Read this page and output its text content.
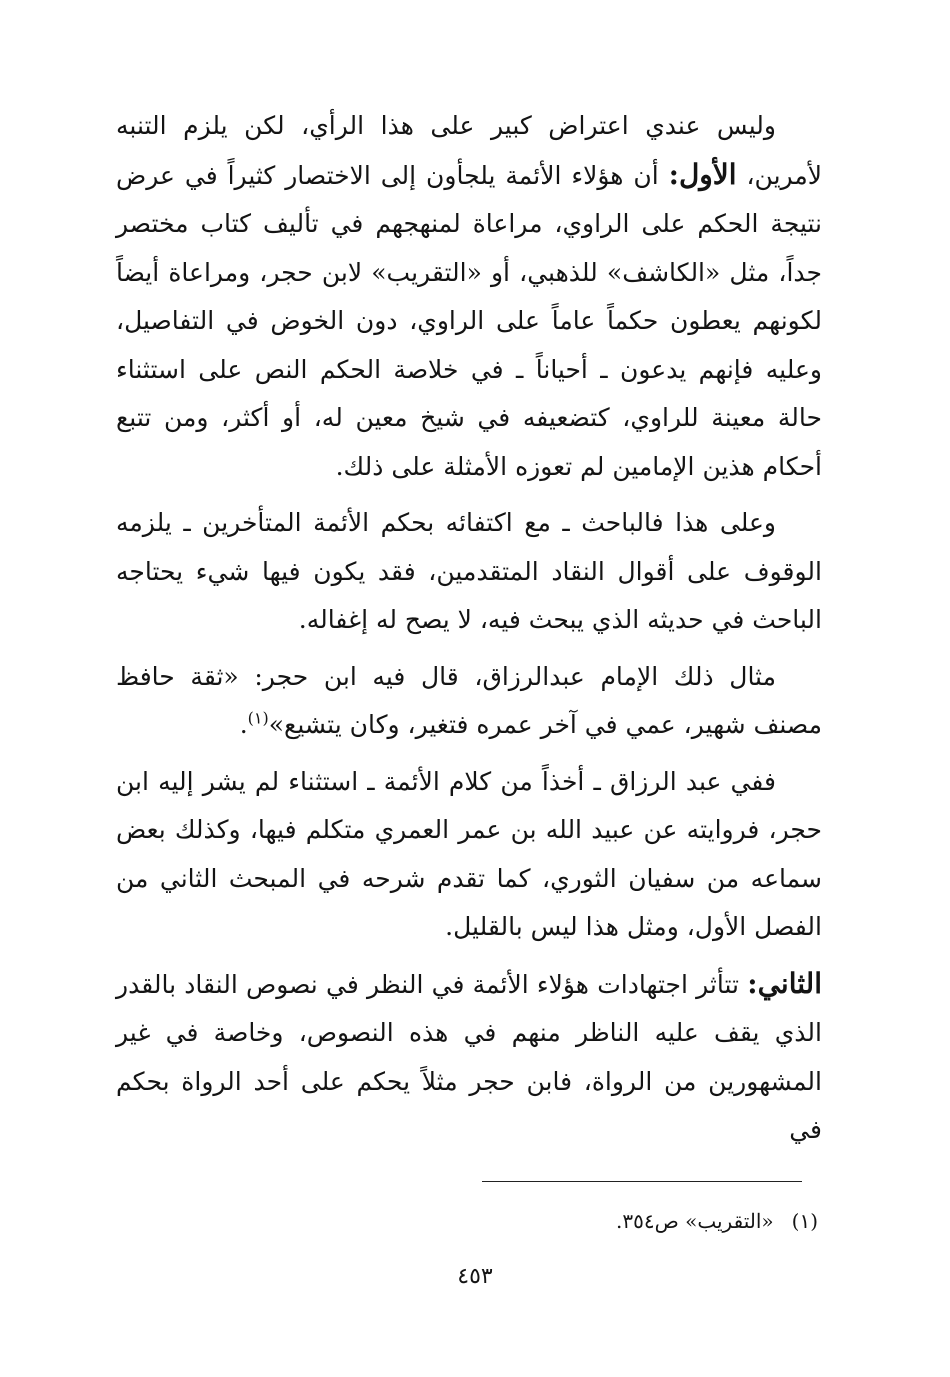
وليس عندي اعتراض كبير على هذا الرأي، لكن يلزم التنبه لأمرين، الأول: أن هؤلاء الأئمة يلجأون إلى الاختصار كثيراً في عرض نتيجة الحكم على الراوي، مراعاة لمنهجهم في تأليف كتاب مختصر جداً، مثل «الكاشف» للذهبي، أو «التقريب» لابن حجر، ومراعاة أيضاً لكونهم يعطون حكماً عاماً على الراوي، دون الخوض في التفاصيل، وعليه فإنهم يدعون ـ أحياناً ـ في خلاصة الحكم النص على استثناء حالة معينة للراوي، كتضعيفه في شيخ معين له، أو أكثر، ومن تتبع أحكام هذين الإمامين لم تعوزه الأمثلة على ذلك.

وعلى هذا فالباحث ـ مع اكتفائه بحكم الأئمة المتأخرين ـ يلزمه الوقوف على أقوال النقاد المتقدمين، فقد يكون فيها شيء يحتاجه الباحث في حديثه الذي يبحث فيه، لا يصح له إغفاله.

مثال ذلك الإمام عبدالرزاق، قال فيه ابن حجر: «ثقة حافظ مصنف شهير، عمي في آخر عمره فتغير، وكان يتشيع»$^{(١)}$.

ففي عبد الرزاق ـ أخذاً من كلام الأئمة ـ استثناء لم يشر إليه ابن حجر، فروايته عن عبيد الله بن عمر العمري متكلم فيها، وكذلك بعض سماعه من سفيان الثوري، كما تقدم شرحه في المبحث الثاني من الفصل الأول، ومثل هذا ليس بالقليل.

الثاني: تتأثر اجتهادات هؤلاء الأئمة في النظر في نصوص النقاد بالقدر الذي يقف عليه الناظر منهم في هذه النصوص، وخاصة في غير المشهورين من الرواة، فابن حجر مثلاً يحكم على أحد الرواة بحكم في

(١)«التقريب» ص٣٥٤.
٤٥٣
